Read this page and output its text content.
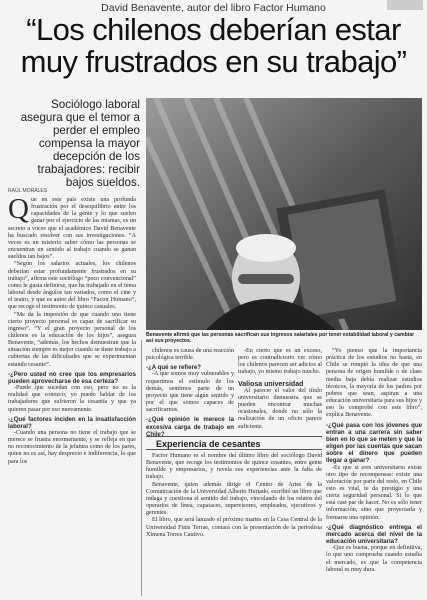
David Benavente, autor del libro Factor Humano
“Los chilenos deberían estar
muy frustrados en su trabajo”
Sociólogo laboral asegura que el temor a perder el empleo compensa la mayor decepción de los trabajadores: recibir bajos sueldos.
RAÚL MORALES
Benavente afirmó que las personas sacrifican sus ingresos salariales por tener estabilidad laboral y cambiar así sus proyectos.

Que en este país existe una profunda frustración por el desequilibrio entre los capacidades de la gente y lo que suelen ganar por el ejercicio de las mismas, es un secreto a voces que el académico David Benavente ha buscado resolver con sus investigaciones. “A veces es un misterio saber cómo las personas se encuentran un sentido al trabajo cuando se ganan sueldos tan bajos”.

“Según los salarios actuales, los chilenos deberían estar profundamente frustrados en su trabajo”, afirma este sociólogo “poco convencional” como le gusta definirse, que ha trabajado en el tema laboral desde ángulos tan variados, como el cine y el teatro, y que es autor del libro “Factor Humano”, que recoge el testimonio de quince casuales.

“Me da la impresión de que cuando uno tiene cierto proyecto personal es capaz de sacrificar su ingreso”. “Y el gran proyecto personal de los chilenos es la educación de los hijos”, asegura Benavente, “además, los hechos demuestran que la situación siempre es mejor cuando se tiene trabajo a cubiertas de las dificultades que se experimentan estando cesante”.

-¿Pero usted no cree que los empresarios pueden aprovecharse de esa certeza?

-Puede que sucedan con eso, pero no es la realidad que conozco; yo puedo hablar de los trabajadores que sufrieron la cesantía y que ya quieren pasar por eso nuevamente.

-¿Qué factores inciden en la insatisfacción laboral?

-Cuando una persona no tiene el trabajo que se merece se frustra enormemente, y se refleja en que no reconocimiento de la jefatura como de los pares, quien no es así, hay desprecio e indiferencia, lo que para los

chilenos es causa de una reacción psicológica terrible.

-¿A qué se refiere?

-A que somos muy vulnerables y requerimos el estímulo de los demás, sentirnos parte de un proyecto que tiene algún sentido y por el que somos capaces de sacrificarnos.

-¿Qué opinión le merece la excesiva carga de trabajo en Chile?

-En cierto que es un exceso, pero es contradictorio ver cómo los chilenos parecen ser adictos al trabajo, yo mismo trabajo mucho.

Valiosa universidad

Al parecer el valor del título universitario demuestra que se pueden encontrar muchas ocasionales, donde no sólo la realización de un oficio parece suficiente.

“Yo pienso que la importancia práctica de los estudios no basta, en Chile se rompió la idea de que una persona de origen humilde o de clase media baja debía realizar estudios técnicos, la mayoría de los padres por pobres que sean, aspiran a una educación universitaria para sus hijos y eso lo comprobé con este libro”, explica Benavente.

-¿Qué pasa con los jóvenes que entran a una carrera sin saber bien en lo que se meten y que la eligen por las cuentas que sacan sobre el dinero que pueden llegar a ganar?

-Es que si eres universitario existe otro tipo de recompensas: existe una valoración por parte del resto, en Chile esto es vital, te da prestigio y una cierta seguridad personal. Si lo que está casi par de hacer. No es sólo tener información, sino que proyectarla y formarse una opinión.

-¿Qué diagnóstico entrega el mercado acerca del nivel de la educación universitaria?

-Que es buena, porque en definitiva, lo que uno comprueba cuando estudia el mercado, es que la competencia laboral es muy dura.

Experiencia de cesantes

Factor Humano es el nombre del último libro del sociólogo David Benavente, que recoge los testimonios de quince cesantes, entre gente humilde y empresarios, y revela sus experiencias ante la falta de trabajo.

Benavente, quien además dirige el Centro de Artes de la Comunicación de la Universidad Alberto Hurtado, escribió un libro que indaga y cuestiona el sentido del trabajo, vinculando de los relatos del operarios de línea, capataces, supervisores, empleados, ejecutivos y gerentes.

El libro, que será lanzado el próximo martes en la Casa Central de la Universidad Finis Terrae, contará con la presentación de la periodista Ximena Torres Cautivo.
